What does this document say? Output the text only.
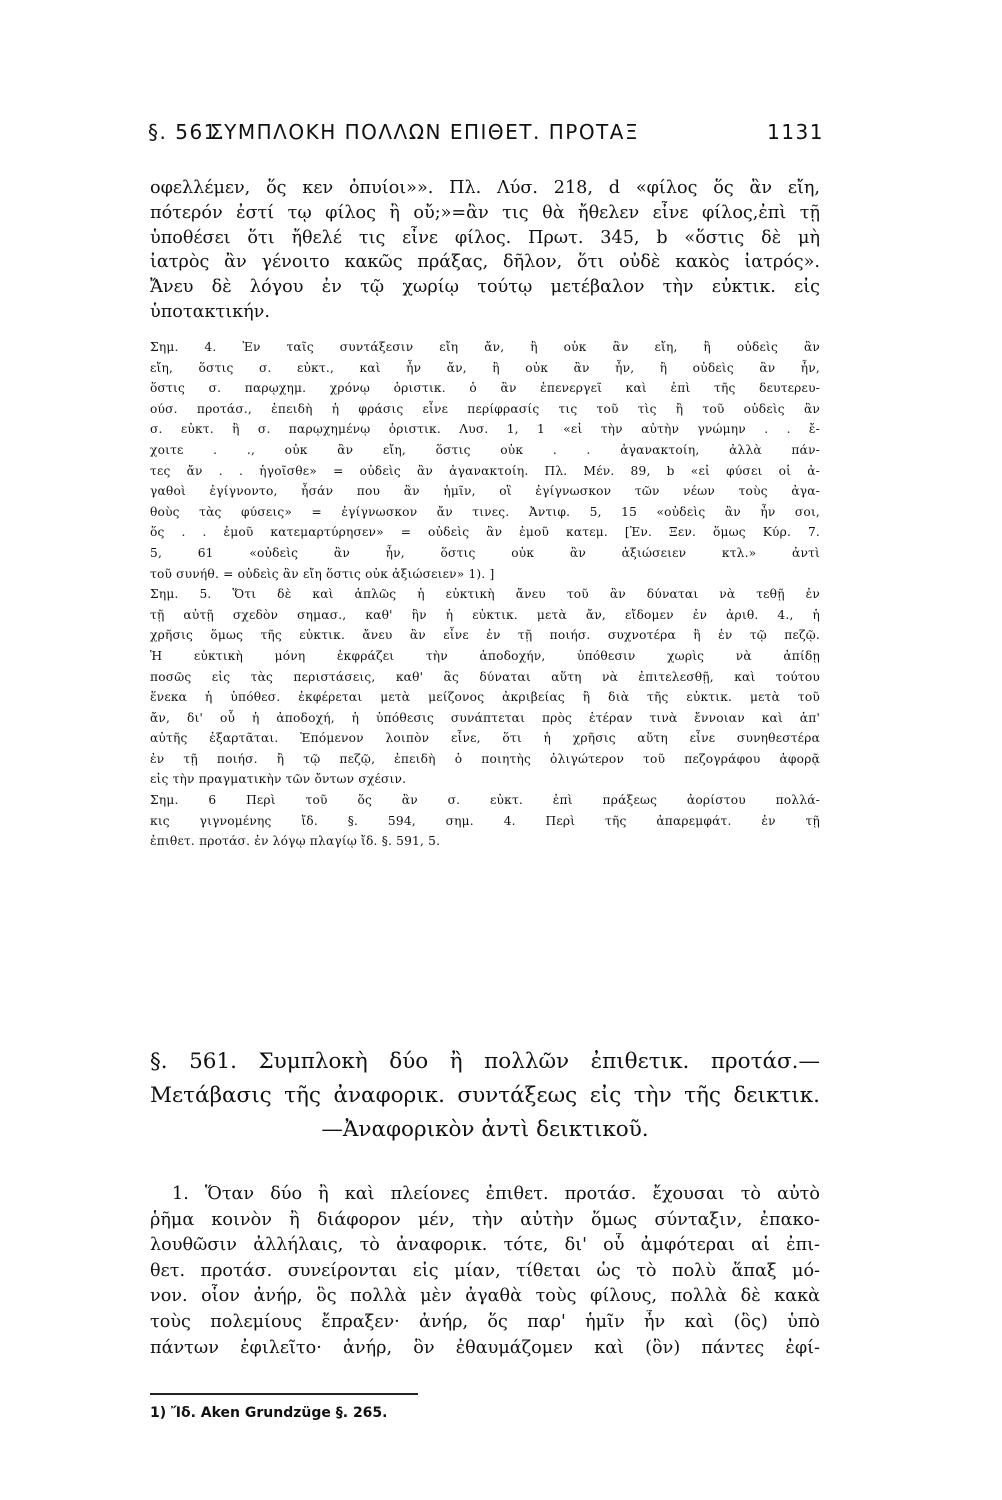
§. 561.
ΣΥΜΠΛΟΚΗ ΠΟΛΛΩΝ ΕΠΙΘΕΤ. ΠΡΟΤΑΞ	1131
οφελλέμεν, ὅς κεν ὀπυίοι»». Πλ. Λύσ. 218, d «φίλος ὅς ἂν εἴη,
πότερόν ἐστί τῳ φίλος ἢ οὔ;»=ἂν τις θὰ ἤθελεν εἶνε φίλος,ἐπὶ τῇ
ὑποθέσει ὅτι ἤθελέ τις εἶνε φίλος. Πρωτ. 345, b «ὅστις δὲ μὴ
ἰατρὸς ἂν γένοιτο κακῶς πράξας, δῆλον, ὅτι οὐδὲ κακὸς ἰατρός».
Ἄνευ δὲ λόγου ἐν τῷ χωρίῳ τούτῳ μετέβαλον τὴν εὐκτικ. εἰς
ὑποτακτικήν.
Σημ. 4. Ἐν ταῖς συντάξεσιν εἴη ἄν, ἢ οὐκ ἂν εἴη, ἢ οὐδεὶς ἂν
εἴη, ὅστις σ. εὐκτ., καὶ ἦν ἄν, ἢ οὐκ ἂν ἦν, ἢ οὐδεὶς ἂν ἦν,
ὅστις σ. παρῳχημ. χρόνῳ ὁριστικ. ὁ ἂν ἐπενεργεῖ καὶ ἐπὶ τῆς δευτερευ-
ούσ. προτάσ., ἐπειδὴ ἡ φράσις εἶνε περίφρασίς τις τοῦ τὶς ἢ τοῦ οὐδεὶς ἂν
σ. εὐκτ. ἢ σ. παρῳχημένῳ ὁριστικ. Λυσ. 1, 1 «εἰ τὴν αὐτὴν γνώμην . . ἔ-
χοιτε . ., οὐκ ἂν εἴη, ὅστις οὐκ . . ἀγανακτοίη, ἀλλὰ πάν-
τες ἄν . . ἡγοῖσθε» = οὐδεὶς ἂν ἀγανακτοίη. Πλ. Μέν. 89, b «εἰ φύσει οἱ ἀ-
γαθοὶ ἐγίγνοντο, ἦσάν που ἂν ἡμῖν, οἳ ἐγίγνωσκον τῶν νέων τοὺς ἀγα-
θοὺς τὰς φύσεις» = ἐγίγνωσκον ἄν τινες. Ἀντιφ. 5, 15 «οὐδεὶς ἂν ἦν σοι,
ὅς . . ἐμοῦ κατεμαρτύρησεν» = οὐδεὶς ἂν ἐμοῦ κατεμ. [Ἐν. Ξεν. ὅμως Κύρ. 7.
5, 61 «οὐδεὶς ἂν ἦν, ὅστις οὐκ ἂν ἀξιώσειεν κτλ.» ἀντὶ
τοῦ συνήθ. = οὐδεὶς ἂν εἴη ὅστις οὐκ ἀξιώσειεν» 1). ]
Σημ. 5. Ὅτι δὲ καὶ ἁπλῶς ἡ εὐκτικὴ ἄνευ τοῦ ἂν δύναται νὰ τεθῇ ἐν
τῇ αὐτῇ σχεδὸν σημασ., καθ' ἣν ἡ εὐκτικ. μετὰ ἄν, εἴδομεν ἐν ἀριθ. 4., ἡ
χρῆσις ὅμως τῆς εὐκτικ. ἄνευ ἂν εἶνε ἐν τῇ ποιήσ. συχνοτέρα ἢ ἐν τῷ πεζῷ.
Ἡ εὐκτικὴ μόνη ἐκφράζει τὴν ἀποδοχήν, ὑπόθεσιν χωρὶς νὰ ἀπίδῃ
ποσῶς εἰς τὰς περιστάσεις, καθ' ἃς δύναται αὕτη νὰ ἐπιτελεσθῇ, καὶ τούτου
ἕνεκα ἡ ὑπόθεσ. ἐκφέρεται μετὰ μείζονος ἀκριβείας ἢ διὰ τῆς εὐκτικ. μετὰ τοῦ
ἄν, δι' οὗ ἡ ἀποδοχή, ἡ ὑπόθεσις συνάπτεται πρὸς ἑτέραν τινὰ ἔννοιαν καὶ ἀπ'
αὐτῆς ἐξαρτᾶται. Ἑπόμενον λοιπὸν εἶνε, ὅτι ἡ χρῆσις αὕτη εἶνε συνηθεστέρα
ἐν τῇ ποιήσ. ἢ τῷ πεζῷ, ἐπειδὴ ὁ ποιητὴς ὀλιγώτερον τοῦ πεζογράφου ἀφορᾷ
εἰς τὴν πραγματικὴν τῶν ὄντων σχέσιν.
Σημ. 6 Περὶ τοῦ ὅς ἂν σ. εὐκτ. ἐπὶ πράξεως ἀορίστου πολλά-
κις γιγνομένης ἴδ. §. 594, σημ. 4. Περὶ τῆς ἀπαρεμφάτ. ἐν τῇ
ἐπιθετ. προτάσ. ἐν λόγῳ πλαγίῳ ἴδ. §. 591, 5.
§. 561. Συμπλοκὴ δύο ἢ πολλῶν ἐπιθετικ. προτάσ.—
Μετάβασις τῆς ἀναφορικ. συντάξεως εἰς τὴν τῆς δεικτικ.
—Ἀναφορικὸν ἀντὶ δεικτικοῦ.
1. Ὅταν δύο ἢ καὶ πλείονες ἐπιθετ. προτάσ. ἔχουσαι τὸ αὐτὸ
ῥῆμα κοινὸν ἢ διάφορον μέν, τὴν αὐτὴν ὅμως σύνταξιν, ἐπακο-
λουθῶσιν ἀλλήλαις, τὸ ἀναφορικ. τότε, δι' οὗ ἀμφότεραι αἱ ἐπι-
θετ. προτάσ. συνείρονται εἰς μίαν, τίθεται ὡς τὸ πολὺ ἅπαξ μό-
νον. οἷον ἀνήρ, ὃς πολλὰ μὲν ἀγαθὰ τοὺς φίλους, πολλὰ δὲ κακὰ
τοὺς πολεμίους ἔπραξεν· ἀνήρ, ὅς παρ' ἡμῖν ἦν καὶ (ὃς) ὑπὸ
πάντων ἐφιλεῖτο· ἀνήρ, ὃν ἐθαυμάζομεν καὶ (ὃν) πάντες ἐφί-
1) Ἴδ. Aken Grundzüge §. 265.
